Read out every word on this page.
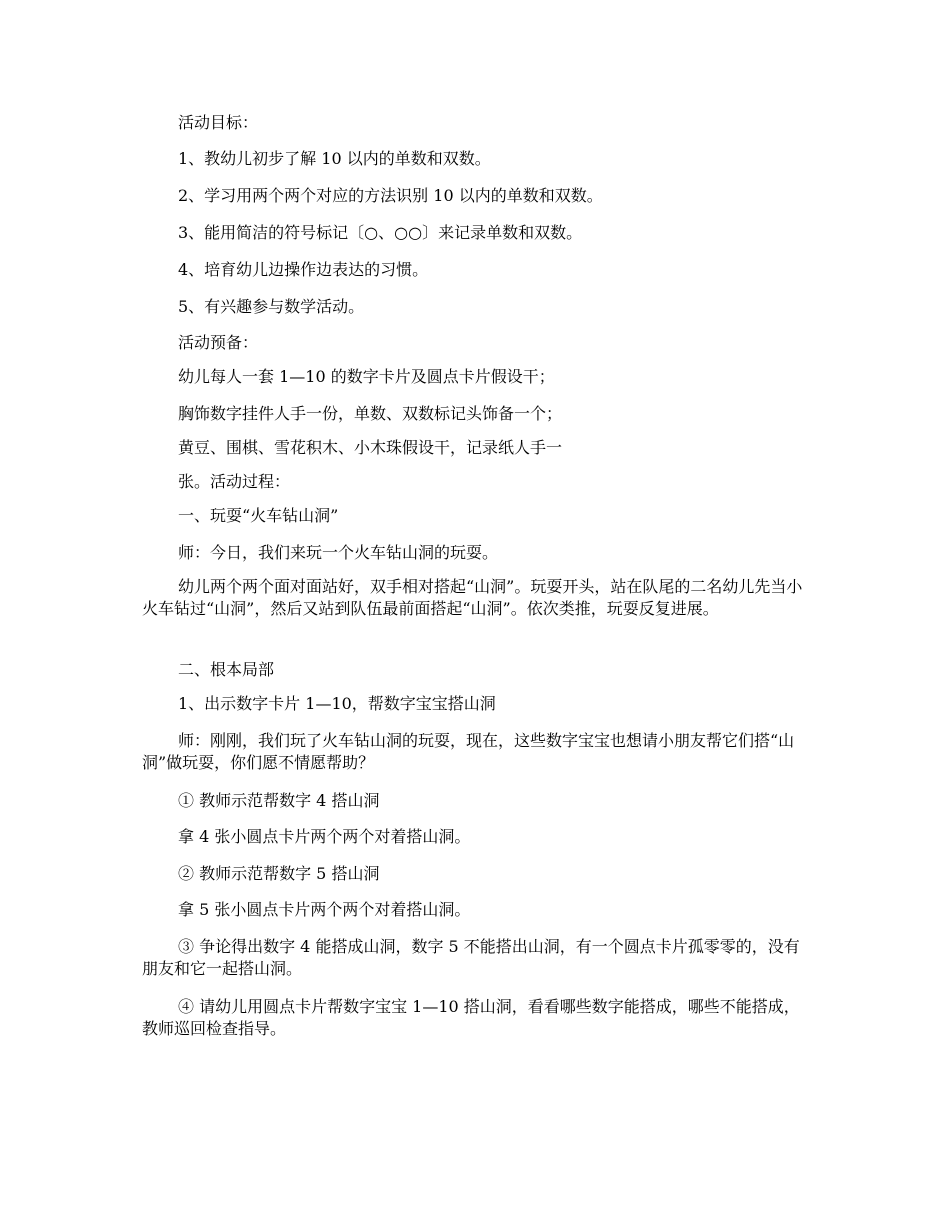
活动目标：

1、教幼儿初步了解 10 以内的单数和双数。

2、学习用两个两个对应的方法识别 10 以内的单数和双数。

3、能用简洁的符号标记〔○、○○〕来记录单数和双数。

4、培育幼儿边操作边表达的习惯。

5、有兴趣参与数学活动。

活动预备：

幼儿每人一套 1—10 的数字卡片及圆点卡片假设干；

胸饰数字挂件人手一份，单数、双数标记头饰备一个；

黄豆、围棋、雪花积木、小木珠假设干，记录纸人手一

张。活动过程：

一、玩耍“火车钻山洞”

师：今日，我们来玩一个火车钻山洞的玩耍。

幼儿两个两个面对面站好，双手相对搭起“山洞”。玩耍开头，站在队尾的二名幼儿先当小火车钻过“山洞”，然后又站到队伍最前面搭起“山洞”。依次类推，玩耍反复进展。

二、根本局部

1、出示数字卡片 1—10，帮数字宝宝搭山洞

师：刚刚，我们玩了火车钻山洞的玩耍，现在，这些数字宝宝也想请小朋友帮它们搭“山洞”做玩耍，你们愿不情愿帮助？

① 教师示范帮数字 4 搭山洞

拿 4 张小圆点卡片两个两个对着搭山洞。

② 教师示范帮数字 5 搭山洞

拿 5 张小圆点卡片两个两个对着搭山洞。

③ 争论得出数字 4 能搭成山洞，数字 5 不能搭出山洞，有一个圆点卡片孤零零的，没有朋友和它一起搭山洞。

④ 请幼儿用圆点卡片帮数字宝宝 1—10 搭山洞，看看哪些数字能搭成，哪些不能搭成，教师巡回检查指导。
